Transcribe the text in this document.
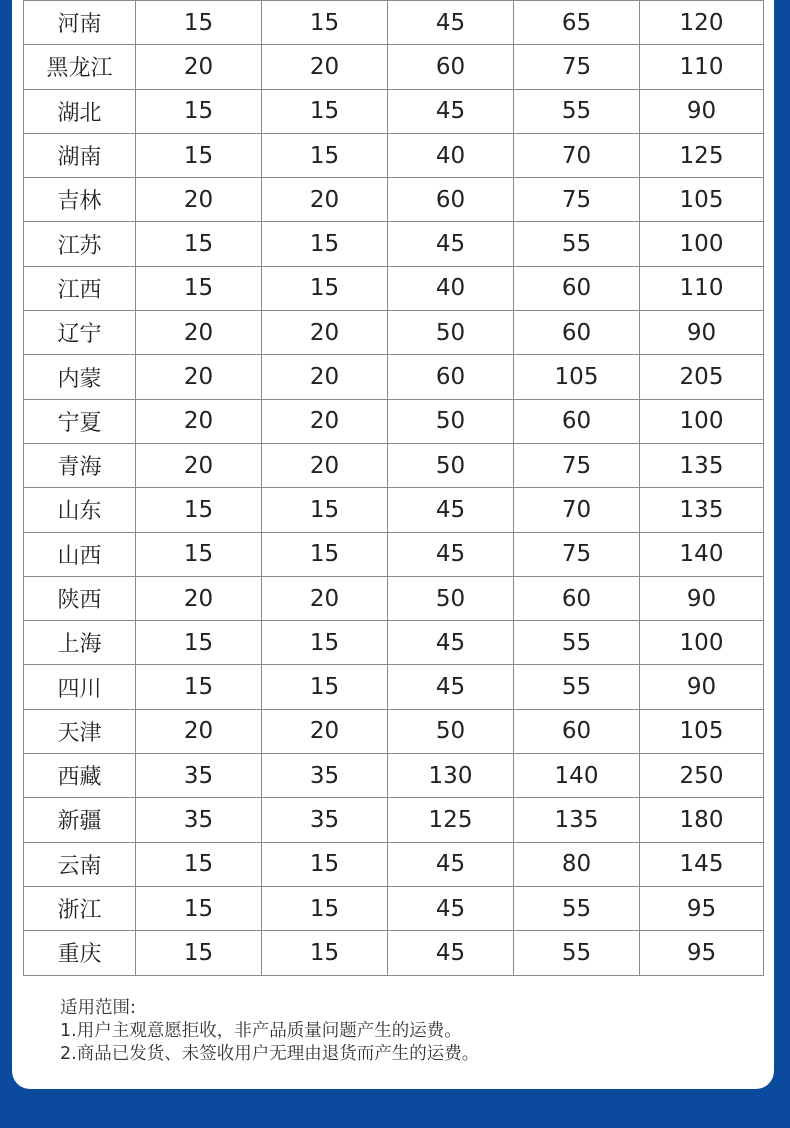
河南	15	15	45	65	120
黑龙江	20	20	60	75	110
湖北	15	15	45	55	90
湖南	15	15	40	70	125
吉林	20	20	60	75	105
江苏	15	15	45	55	100
江西	15	15	40	60	110
辽宁	20	20	50	60	90
内蒙	20	20	60	105	205
宁夏	20	20	50	60	100
青海	20	20	50	75	135
山东	15	15	45	70	135
山西	15	15	45	75	140
陕西	20	20	50	60	90
上海	15	15	45	55	100
四川	15	15	45	55	90
天津	20	20	50	60	105
西藏	35	35	130	140	250
新疆	35	35	125	135	180
云南	15	15	45	80	145
浙江	15	15	45	55	95
重庆	15	15	45	55	95
适用范围:
1.用户主观意愿拒收，非产品质量问题产生的运费。
2.商品已发货、未签收用户无理由退货而产生的运费。
